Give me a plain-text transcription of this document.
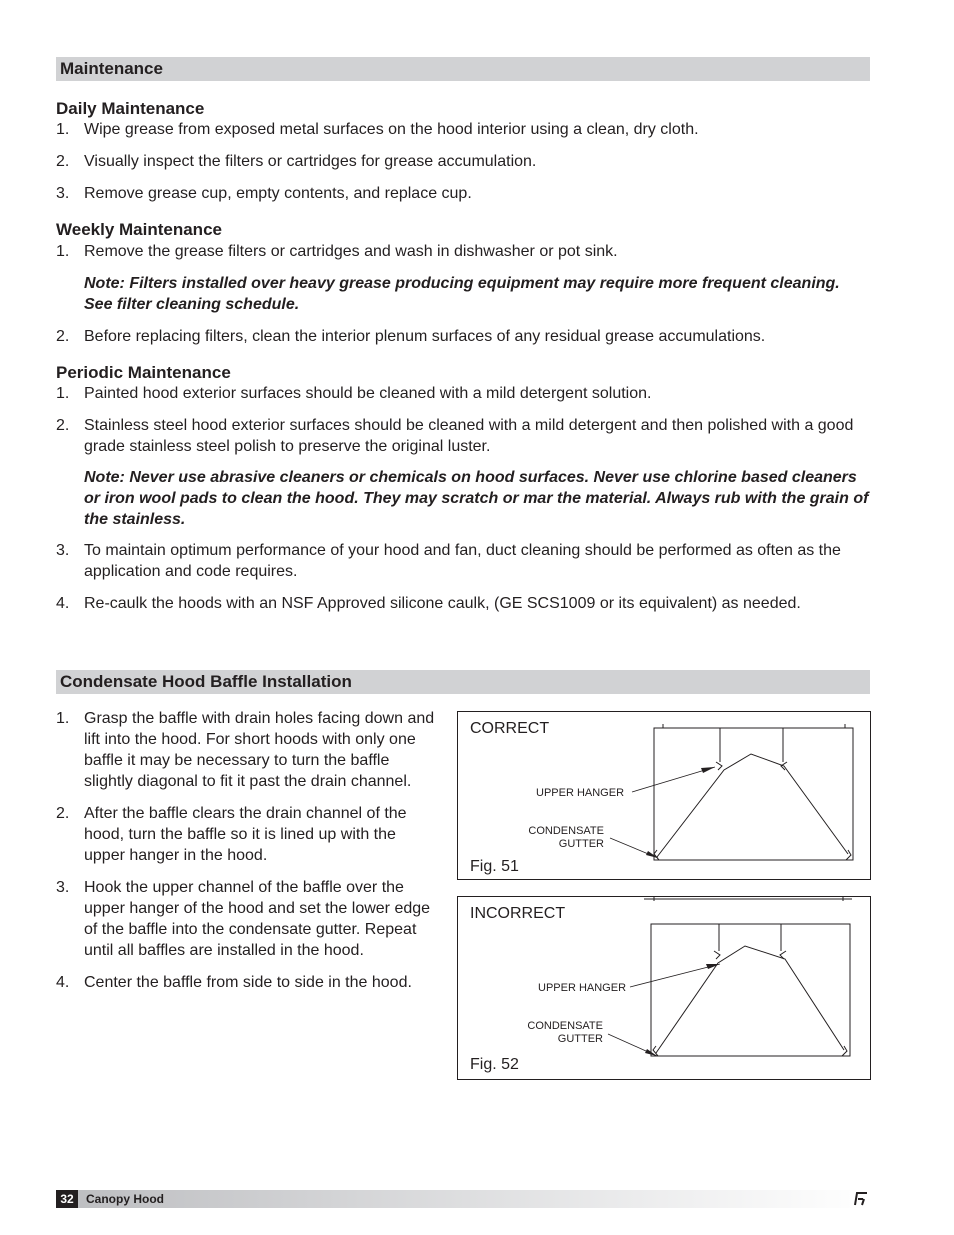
Maintenance
Daily Maintenance
1. Wipe grease from exposed metal surfaces on the hood interior using a clean, dry cloth.
2. Visually inspect the filters or cartridges for grease accumulation.
3. Remove grease cup, empty contents, and replace cup.
Weekly Maintenance
1. Remove the grease filters or cartridges and wash in dishwasher or pot sink.
Note: Filters installed over heavy grease producing equipment may require more frequent cleaning. See filter cleaning schedule.
2. Before replacing filters, clean the interior plenum surfaces of any residual grease accumulations.
Periodic Maintenance
1. Painted hood exterior surfaces should be cleaned with a mild detergent solution.
2. Stainless steel hood exterior surfaces should be cleaned with a mild detergent and then polished with a good grade stainless steel polish to preserve the original luster.
Note: Never use abrasive cleaners or chemicals on hood surfaces. Never use chlorine based cleaners or iron wool pads to clean the hood. They may scratch or mar the material. Always rub with the grain of the stainless.
3. To maintain optimum performance of your hood and fan, duct cleaning should be performed as often as the application and code requires.
4. Re-caulk the hoods with an NSF Approved silicone caulk, (GE SCS1009 or its equivalent) as needed.
Condensate Hood Baffle Installation
1. Grasp the baffle with drain holes facing down and lift into the hood. For short hoods with only one baffle it may be necessary to turn the baffle slightly diagonal to fit it past the drain channel.
2. After the baffle clears the drain channel of the hood, turn the baffle so it is lined up with the upper hanger in the hood.
3. Hook the upper channel of the baffle over the upper hanger of the hood and set the lower edge of the baffle into the condensate gutter. Repeat until all baffles are installed in the hood.
4. Center the baffle from side to side in the hood.
UPPER HANGER
CONDENSATE
GUTTER
CORRECT
Fig. 51
UPPER HANGER
CONDENSATE
GUTTER
INCORRECT
Fig. 52
32	Canopy Hood
